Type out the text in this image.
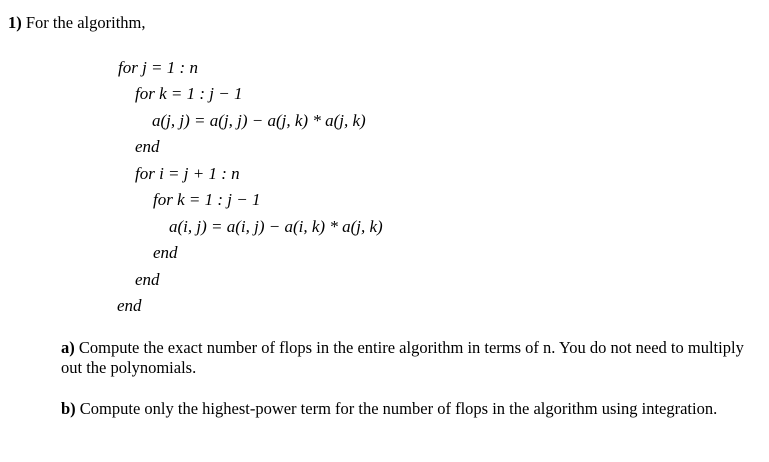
1) For the algorithm,
for j = 1 : n
for k = 1 : j − 1
a(j, j) = a(j, j) − a(j, k) * a(j, k)
end
for i = j + 1 : n
for k = 1 : j − 1
a(i, j) = a(i, j) − a(i, k) * a(j, k)
end
end
end
a) Compute the exact number of flops in the entire algorithm in terms of n. You do not need to multiply out the polynomials.
b) Compute only the highest-power term for the number of flops in the algorithm using integration.
